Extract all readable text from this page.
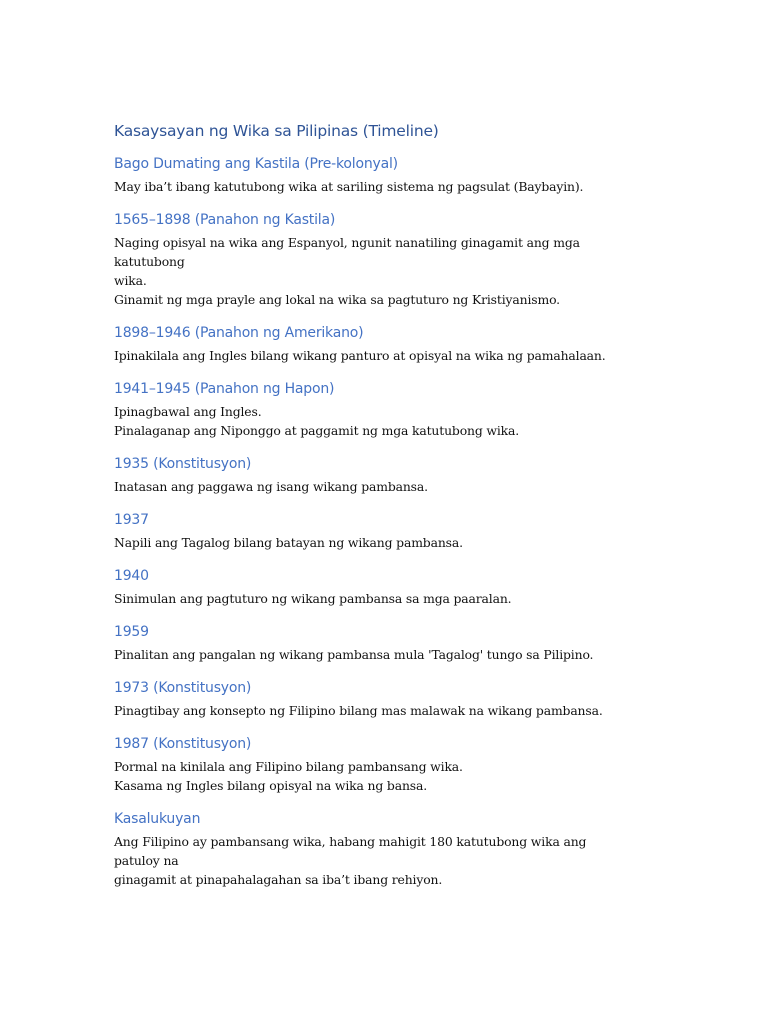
Kasaysayan ng Wika sa Pilipinas (Timeline)
Bago Dumating ang Kastila (Pre-kolonyal)

May iba’t ibang katutubong wika at sariling sistema ng pagsulat (Baybayin).

1565–1898 (Panahon ng Kastila)

Naging opisyal na wika ang Espanyol, ngunit nanatiling ginagamit ang mga katutubong

wika.

Ginamit ng mga prayle ang lokal na wika sa pagtuturo ng Kristiyanismo.

1898–1946 (Panahon ng Amerikano)

Ipinakilala ang Ingles bilang wikang panturo at opisyal na wika ng pamahalaan.

1941–1945 (Panahon ng Hapon)

Ipinagbawal ang Ingles.

Pinalaganap ang Niponggo at paggamit ng mga katutubong wika.

1935 (Konstitusyon)

Inatasan ang paggawa ng isang wikang pambansa.

1937

Napili ang Tagalog bilang batayan ng wikang pambansa.

1940

Sinimulan ang pagtuturo ng wikang pambansa sa mga paaralan.

1959

Pinalitan ang pangalan ng wikang pambansa mula 'Tagalog' tungo sa Pilipino.

1973 (Konstitusyon)

Pinagtibay ang konsepto ng Filipino bilang mas malawak na wikang pambansa.

1987 (Konstitusyon)

Pormal na kinilala ang Filipino bilang pambansang wika.

Kasama ng Ingles bilang opisyal na wika ng bansa.

Kasalukuyan

Ang Filipino ay pambansang wika, habang mahigit 180 katutubong wika ang patuloy na

ginagamit at pinapahalagahan sa iba’t ibang rehiyon.
